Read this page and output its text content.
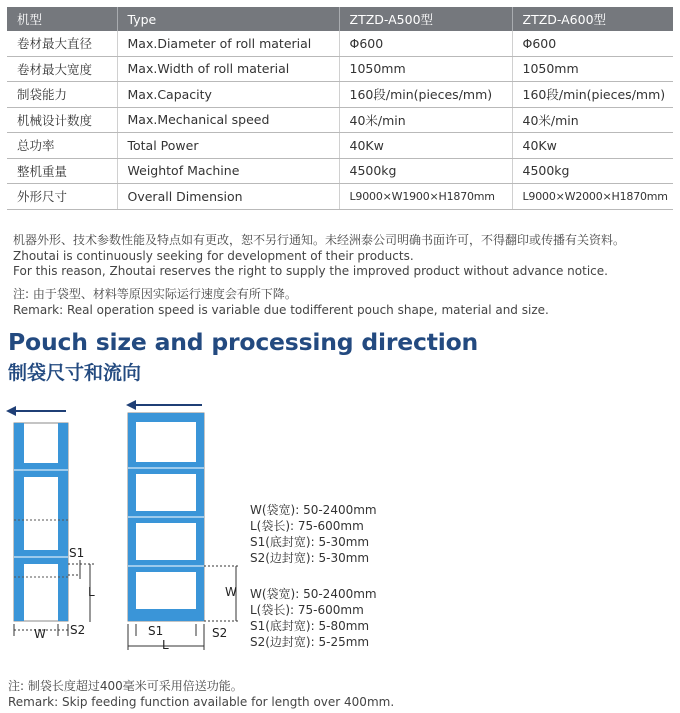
机型	Type	ZTZD-A500型	ZTZD-A600型
卷材最大直径	Max.Diameter of roll material	Φ600	Φ600
卷材最大宽度	Max.Width of roll material	1050mm	1050mm
制袋能力	Max.Capacity	160段/min(pieces/mm)	160段/min(pieces/mm)
机械设计数度	Max.Mechanical speed	40米/min	40米/min
总功率	Total Power	40Kw	40Kw
整机重量	Weightof Machine	4500kg	4500kg
外形尺寸	Overall Dimension	L9000×W1900×H1870mm	L9000×W2000×H1870mm

机器外形、技术参数性能及特点如有更改，恕不另行通知。未经洲泰公司明确书面许可，不得翻印或传播有关资料。

Zhoutai is continuously seeking for development of their products.

For this reason, Zhoutai reserves the right to supply the improved product without advance notice.

注: 由于袋型、材料等原因实际运行速度会有所下降。

Remark: Real operation speed is variable due todifferent pouch shape, material and size.

Pouch size and processing direction
制袋尺寸和流向
S1
L
W S2
W
S1	S2
L

W(袋宽): 50-2400mm

L(袋长): 75-600mm

S1(底封宽): 5-30mm

S2(边封宽): 5-30mm

W(袋宽): 50-2400mm

L(袋长): 75-600mm

S1(底封宽): 5-80mm

S2(边封宽): 5-25mm

注: 制袋长度超过400毫米可采用倍送功能。

Remark: Skip feeding function available for length over 400mm.
